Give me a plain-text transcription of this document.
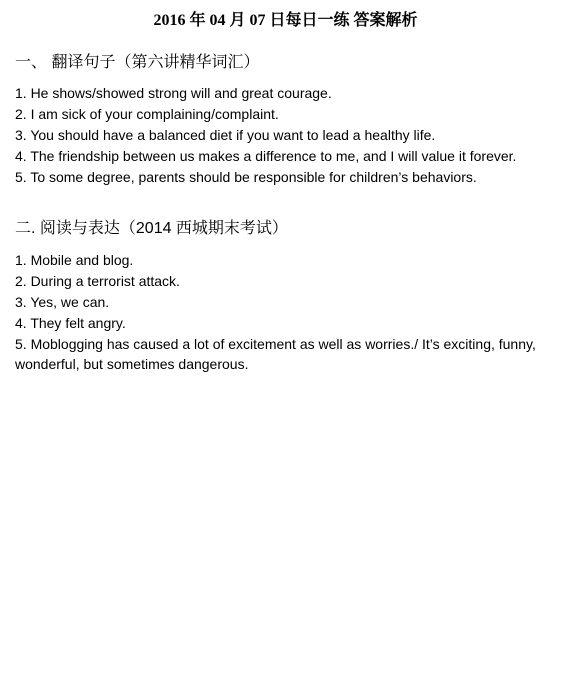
2016 年 04 月 07 日每日一练 答案解析
一、 翻译句子（第六讲精华词汇）
1. He shows/showed strong will and great courage.
2. I am sick of your complaining/complaint.
3. You should have a balanced diet if you want to lead a healthy life.
4. The friendship between us makes a difference to me, and I will value it forever.
5. To some degree, parents should be responsible for children’s behaviors.
二. 阅读与表达（2014 西城期末考试）
1. Mobile and blog.
2. During a terrorist attack.
3. Yes, we can.
4. They felt angry.
5. Moblogging has caused a lot of excitement as well as worries./ It’s exciting, funny, wonderful, but sometimes dangerous.
